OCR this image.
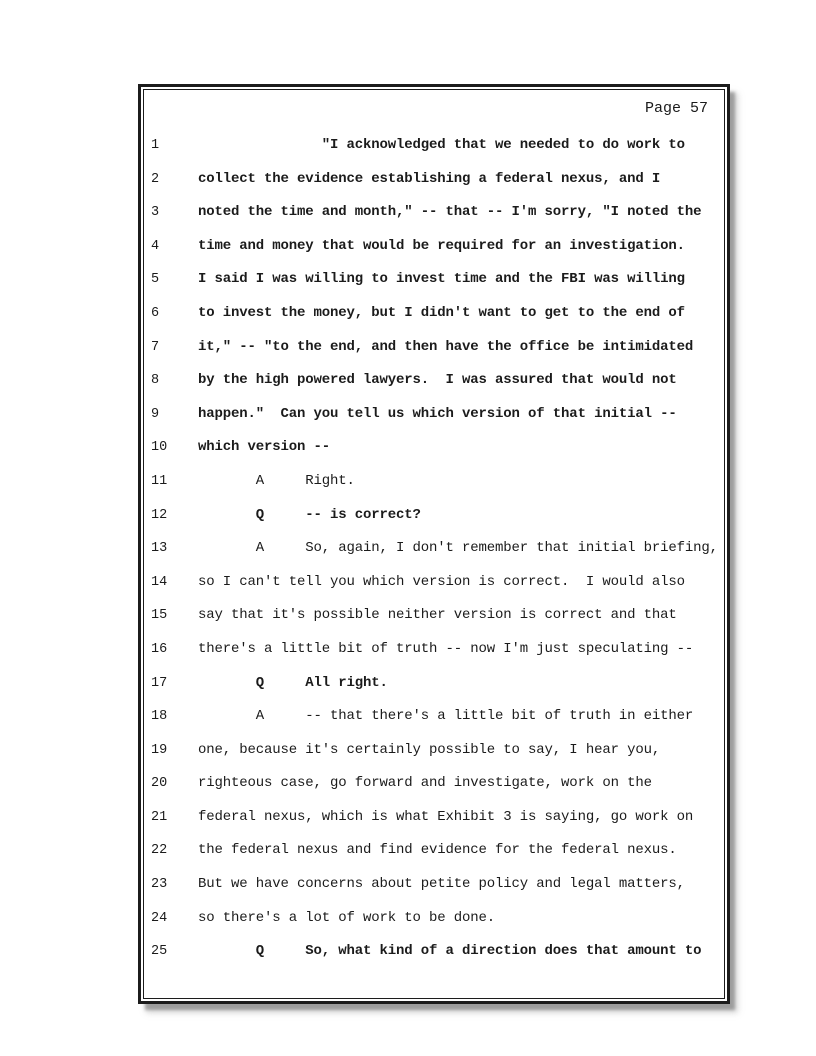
Page 57
1	"I acknowledged that we needed to do work to
2	collect the evidence establishing a federal nexus, and I
3	noted the time and month," -- that -- I'm sorry, "I noted the
4	time and money that would be required for an investigation.
5	I said I was willing to invest time and the FBI was willing
6	to invest the money, but I didn't want to get to the end of
7	it," -- "to the end, and then have the office be intimidated
8	by the high powered lawyers.  I was assured that would not
9	happen."  Can you tell us which version of that initial --
10 which version --
11 A     Right.
12 Q     -- is correct?
13 A     So, again, I don't remember that initial briefing,
14 so I can't tell you which version is correct.  I would also
15 say that it's possible neither version is correct and that
16 there's a little bit of truth -- now I'm just speculating --
17 Q     All right.
18 A     -- that there's a little bit of truth in either
19 one, because it's certainly possible to say, I hear you,
20 righteous case, go forward and investigate, work on the
21 federal nexus, which is what Exhibit 3 is saying, go work on
22 the federal nexus and find evidence for the federal nexus.
23 But we have concerns about petite policy and legal matters,
24 so there's a lot of work to be done.
25 Q     So, what kind of a direction does that amount to
